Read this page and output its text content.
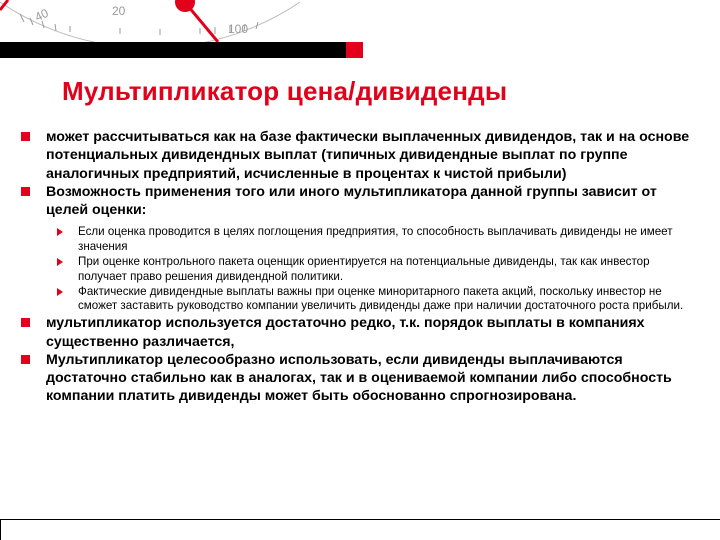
20
40
100
Мультипликатор цена/дивиденды
может рассчитываться как на базе фактически выплаченных дивидендов, так и на основе потенциальных дивидендных выплат (типичных дивидендные выплат по группе аналогичных предприятий, исчисленные в процентах к чистой прибыли)
Возможность применения того или иного мультипликатора данной группы зависит от целей оценки:
Если оценка проводится в целях поглощения предприятия, то способность выплачивать дивиденды не имеет значения
При оценке контрольного пакета оценщик ориентируется на потенциальные дивиденды, так как инвестор получает право решения дивидендной политики.
Фактические дивидендные выплаты важны при оценке миноритарного пакета акций, поскольку инвестор не сможет заставить руководство компании увеличить дивиденды даже при наличии достаточного роста прибыли.
мультипликатор используется достаточно редко, т.к. порядок выплаты в компаниях существенно различается,
Мультипликатор целесообразно использовать, если дивиденды выплачиваются достаточно стабильно как в аналогах, так и в оцениваемой компании либо способность компании платить дивиденды может быть обоснованно спрогнозирована.
